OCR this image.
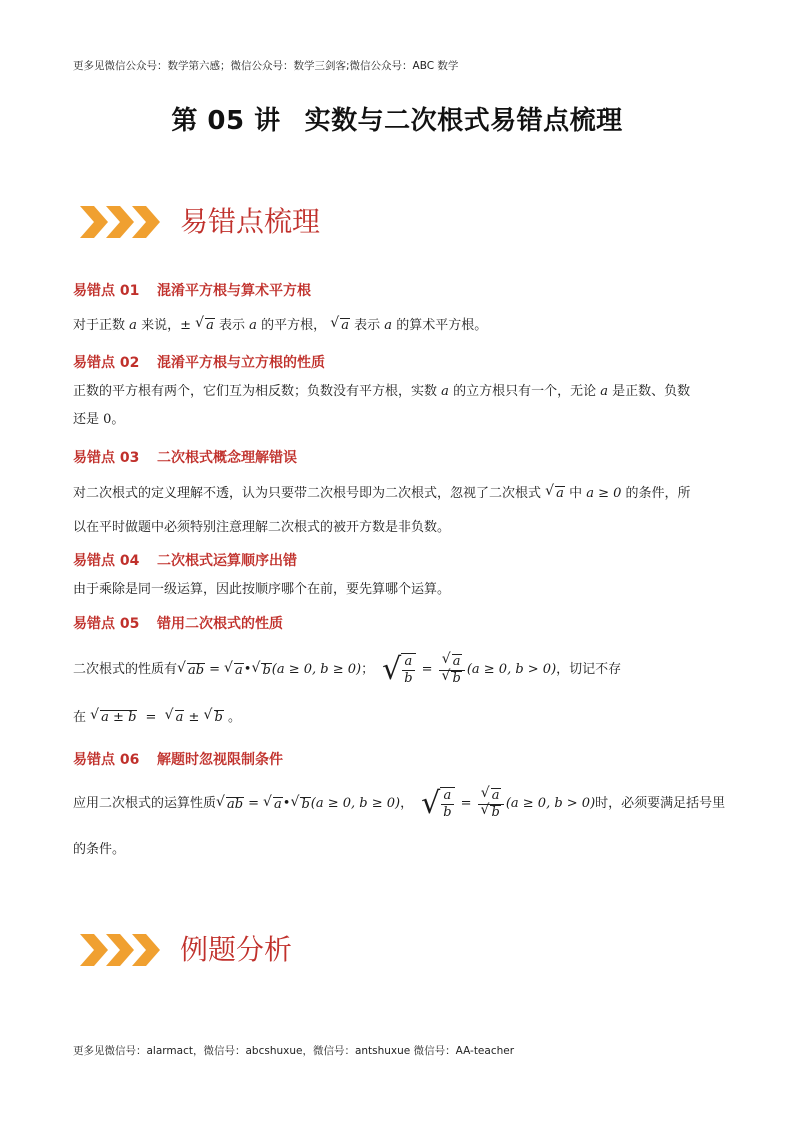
更多见微信公众号：数学第六感；微信公众号：数学三剑客;微信公众号：ABC 数学
第 05 讲 实数与二次根式易错点梳理
易错点梳理
易错点 01 混淆平方根与算术平方根
对于正数 a 来说，± √ a 表示 a 的平方根， √ a 表示 a 的算术平方根。
易错点 02 混淆平方根与立方根的性质
正数的平方根有两个，它们互为相反数；负数没有平方根，实数 a 的立方根只有一个，无论 a 是正数、负数
还是 0。
易错点 03 二次根式概念理解错误
对二次根式的定义理解不透，认为只要带二次根号即为二次根式，忽视了二次根式 √ a 中 a ≥ 0 的条件，所
以在平时做题中必须特别注意理解二次根式的被开方数是非负数。
易错点 04 二次根式运算顺序出错
由于乘除是同一级运算，因此按顺序哪个在前，要先算哪个运算。
易错点 05 错用二次根式的性质
二次根式的性质有 √ ab = √ a • √ b (a ≥ 0, b ≥ 0) ； √ $\frac{a}{b}$ = √ a
√ b (a ≥ 0, b > 0) ，切记不存
在 √ a ± b = √ a ± √ b 。
易错点 06 解题时忽视限制条件
应用二次根式的运算性质 √ ab = √ a • √ b (a ≥ 0, b ≥ 0) ， √ $\frac{a}{b}$ = √ a
√ b (a ≥ 0, b > 0) 时，必须要满足括号里
的条件。
例题分析
更多见微信号：alarmact，微信号：abcshuxue，微信号：antshuxue 微信号：AA-teacher
